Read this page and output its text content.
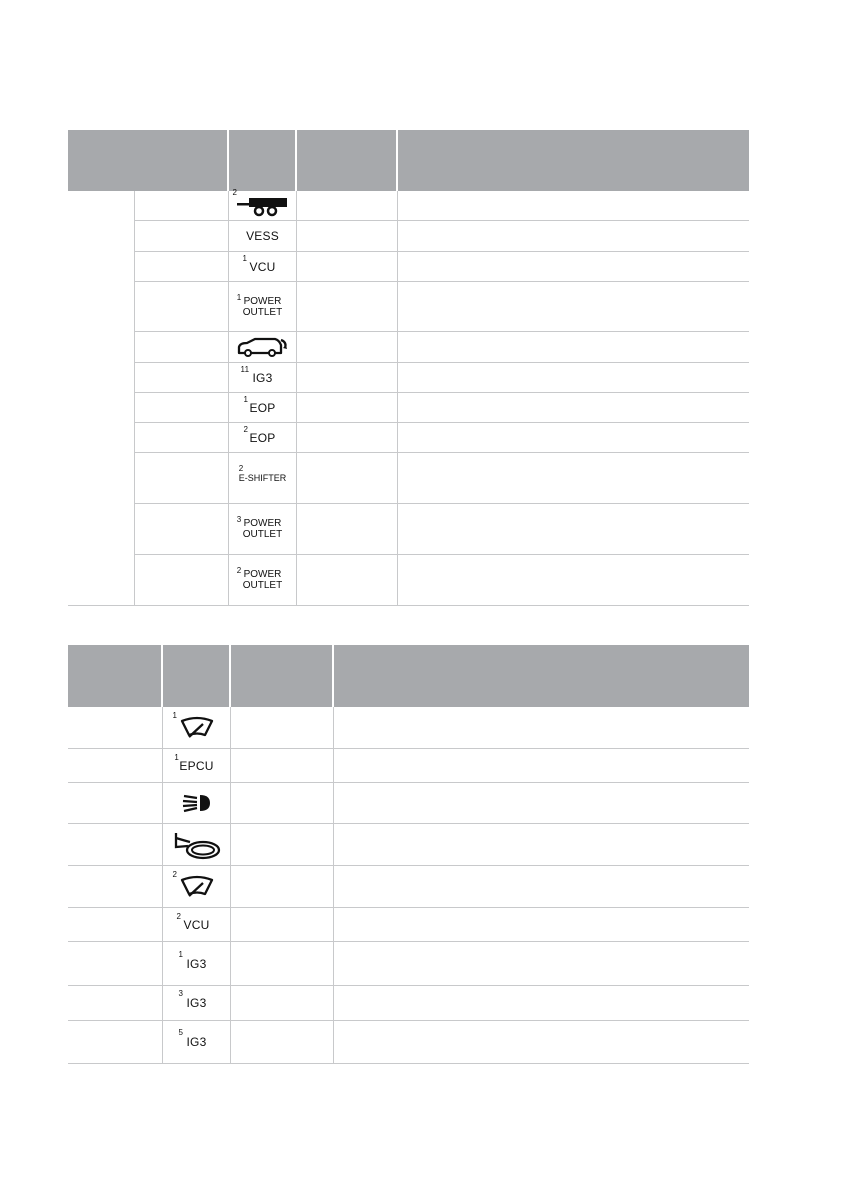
2
VESS
1
VCU
1 POWER
OUTLET
11
IG3
1
EOP
2
EOP
2
E-SHIFTER
3 POWER
OUTLET
2 POWER
OUTLET
1
1
EPCU
2
2
VCU
1
IG3
3
IG3
5
IG3
